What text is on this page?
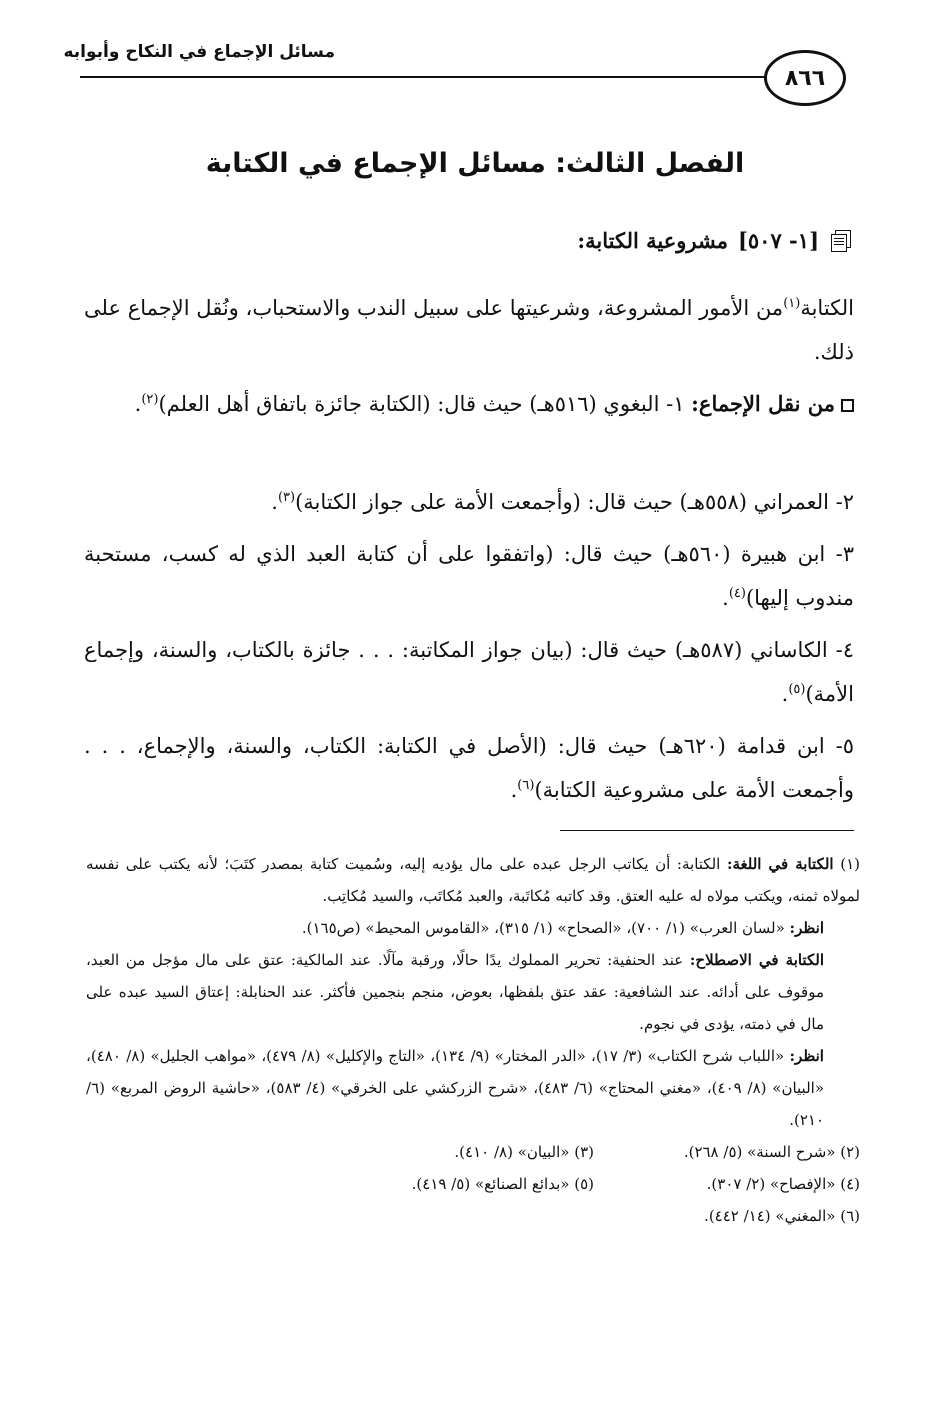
مسائل الإجماع في النكاح وأبوابه
٨٦٦
الفصل الثالث: مسائل الإجماع في الكتابة
[١- ٥٠٧]
مشروعية الكتابة:
الكتابة$^{(١)}$من الأمور المشروعة، وشرعيتها على سبيل الندب والاستحباب، ونُقل الإجماع على ذلك.
من نقل الإجماع: ١- البغوي (٥١٦هـ) حيث قال: (الكتابة جائزة باتفاق أهل العلم)$^{(٢)}$.
٢- العمراني (٥٥٨هـ) حيث قال: (وأجمعت الأمة على جواز الكتابة)$^{(٣)}$.
٣- ابن هبيرة (٥٦٠هـ) حيث قال: (واتفقوا على أن كتابة العبد الذي له كسب، مستحبة مندوب إليها)$^{(٤)}$.
٤- الكاساني (٥٨٧هـ) حيث قال: (بيان جواز المكاتبة: . . . جائزة بالكتاب، والسنة، وإجماع الأمة)$^{(٥)}$.
٥- ابن قدامة (٦٢٠هـ) حيث قال: (الأصل في الكتابة: الكتاب، والسنة، والإجماع، . . . وأجمعت الأمة على مشروعية الكتابة)$^{(٦)}$.

(١) الكتابة في اللغة: الكتابة: أن يكاتب الرجل عبده على مال يؤديه إليه، وسُميت كتابة بمصدر كتَبَ؛ لأنه يكتب على نفسه لمولاه ثمنه، ويكتب مولاه له عليه العتق. وقد كاتبه مُكاتَبة، والعبد مُكاتَب، والسيد مُكاتِب.

انظر: «لسان العرب» (١/ ٧٠٠)، «الصحاح» (١/ ٣١٥)، «القاموس المحيط» (ص١٦٥).

الكتابة في الاصطلاح: عند الحنفية: تحرير المملوك يدًا حالًا، ورقبة مآلًا. عند المالكية: عتق على مال مؤجل من العبد، موقوف على أدائه. عند الشافعية: عقد عتق بلفظها، بعوض، منجم بنجمين فأكثر. عند الحنابلة: إعتاق السيد عبده على مال في ذمته، يؤدى في نجوم.

انظر: «اللباب شرح الكتاب» (٣/ ١٧)، «الدر المختار» (٩/ ١٣٤)، «التاج والإكليل» (٨/ ٤٧٩)، «مواهب الجليل» (٨/ ٤٨٠)، «البيان» (٨/ ٤٠٩)، «مغني المحتاج» (٦/ ٤٨٣)، «شرح الزركشي على الخرقي» (٤/ ٥٨٣)، «حاشية الروض المربع» (٦/ ٢١٠).

(٢) «شرح السنة» (٥/ ٢٦٨).
(٣) «البيان» (٨/ ٤١٠).
(٤) «الإفصاح» (٢/ ٣٠٧).
(٥) «بدائع الصنائع» (٥/ ٤١٩).
(٦) «المغني» (١٤/ ٤٤٢).
